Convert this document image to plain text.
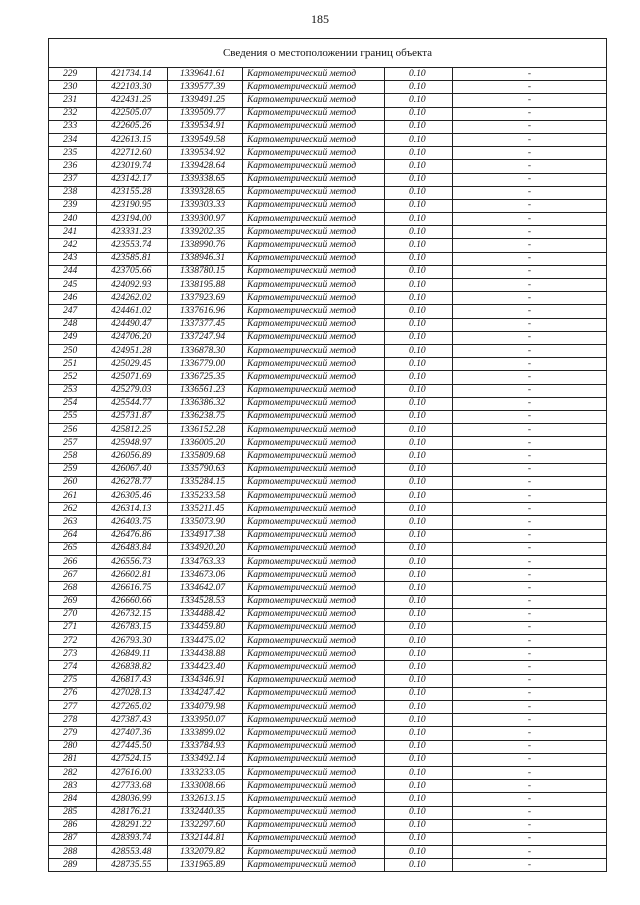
185
Сведения о местоположении границ объекта					
229	421734.14	1339641.61	Картометрический метод	0.10	-
230	422103.30	1339577.39	Картометрический метод	0.10	-
231	422431.25	1339491.25	Картометрический метод	0.10	-
232	422505.07	1339509.77	Картометрический метод	0.10	-
233	422605.26	1339534.91	Картометрический метод	0.10	-
234	422613.15	1339549.58	Картометрический метод	0.10	-
235	422712.60	1339534.92	Картометрический метод	0.10	-
236	423019.74	1339428.64	Картометрический метод	0.10	-
237	423142.17	1339338.65	Картометрический метод	0.10	-
238	423155.28	1339328.65	Картометрический метод	0.10	-
239	423190.95	1339303.33	Картометрический метод	0.10	-
240	423194.00	1339300.97	Картометрический метод	0.10	-
241	423331.23	1339202.35	Картометрический метод	0.10	-
242	423553.74	1338990.76	Картометрический метод	0.10	-
243	423585.81	1338946.31	Картометрический метод	0.10	-
244	423705.66	1338780.15	Картометрический метод	0.10	-
245	424092.93	1338195.88	Картометрический метод	0.10	-
246	424262.02	1337923.69	Картометрический метод	0.10	-
247	424461.02	1337616.96	Картометрический метод	0.10	-
248	424490.47	1337377.45	Картометрический метод	0.10	-
249	424706.20	1337247.94	Картометрический метод	0.10	-
250	424951.28	1336878.30	Картометрический метод	0.10	-
251	425029.45	1336779.00	Картометрический метод	0.10	-
252	425071.69	1336725.35	Картометрический метод	0.10	-
253	425279.03	1336561.23	Картометрический метод	0.10	-
254	425544.77	1336386.32	Картометрический метод	0.10	-
255	425731.87	1336238.75	Картометрический метод	0.10	-
256	425812.25	1336152.28	Картометрический метод	0.10	-
257	425948.97	1336005.20	Картометрический метод	0.10	-
258	426056.89	1335809.68	Картометрический метод	0.10	-
259	426067.40	1335790.63	Картометрический метод	0.10	-
260	426278.77	1335284.15	Картометрический метод	0.10	-
261	426305.46	1335233.58	Картометрический метод	0.10	-
262	426314.13	1335211.45	Картометрический метод	0.10	-
263	426403.75	1335073.90	Картометрический метод	0.10	-
264	426476.86	1334917.38	Картометрический метод	0.10	-
265	426483.84	1334920.20	Картометрический метод	0.10	-
266	426556.73	1334763.33	Картометрический метод	0.10	-
267	426602.81	1334673.06	Картометрический метод	0.10	-
268	426616.75	1334642.07	Картометрический метод	0.10	-
269	426660.66	1334528.53	Картометрический метод	0.10	-
270	426732.15	1334488.42	Картометрический метод	0.10	-
271	426783.15	1334459.80	Картометрический метод	0.10	-
272	426793.30	1334475.02	Картометрический метод	0.10	-
273	426849.11	1334438.88	Картометрический метод	0.10	-
274	426838.82	1334423.40	Картометрический метод	0.10	-
275	426817.43	1334346.91	Картометрический метод	0.10	-
276	427028.13	1334247.42	Картометрический метод	0.10	-
277	427265.02	1334079.98	Картометрический метод	0.10	-
278	427387.43	1333950.07	Картометрический метод	0.10	-
279	427407.36	1333899.02	Картометрический метод	0.10	-
280	427445.50	1333784.93	Картометрический метод	0.10	-
281	427524.15	1333492.14	Картометрический метод	0.10	-
282	427616.00	1333233.05	Картометрический метод	0.10	-
283	427733.68	1333008.66	Картометрический метод	0.10	-
284	428036.99	1332613.15	Картометрический метод	0.10	-
285	428176.21	1332440.35	Картометрический метод	0.10	-
286	428291.22	1332297.60	Картометрический метод	0.10	-
287	428393.74	1332144.81	Картометрический метод	0.10	-
288	428553.48	1332079.82	Картометрический метод	0.10	-
289	428735.55	1331965.89	Картометрический метод	0.10	-
